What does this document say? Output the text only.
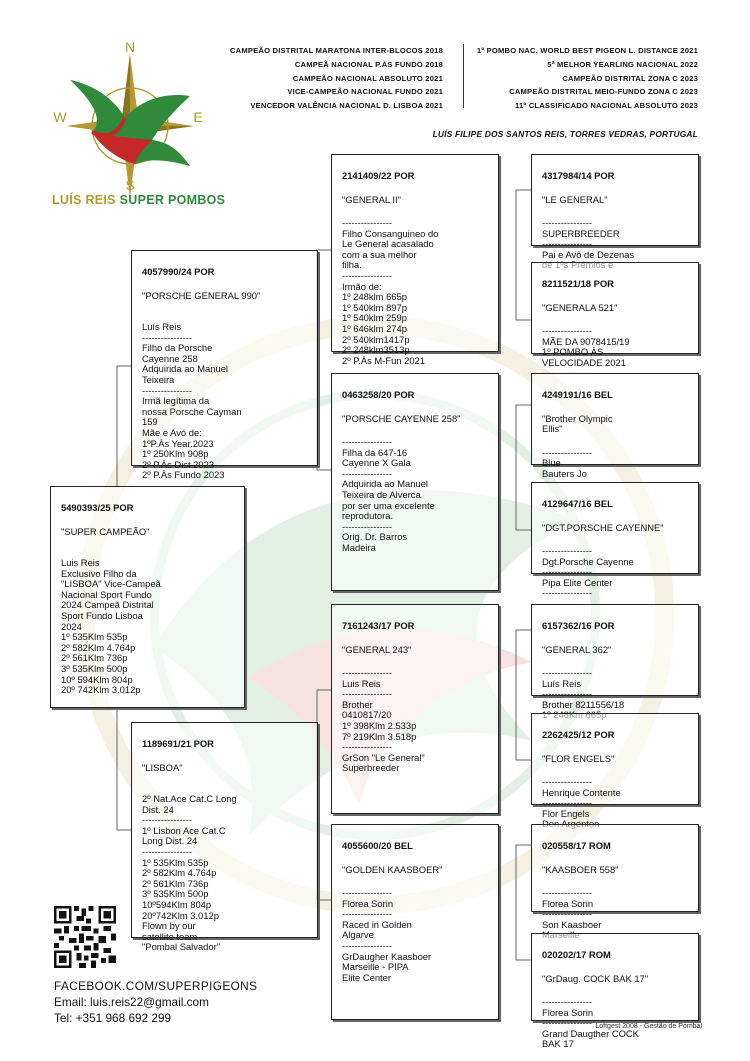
N
S
W	E
LUÍS REIS SUPER POMBOS
CAMPEÃO DISTRITAL MARATONA INTER-BLOCOS 2018
CAMPEÃ NACIONAL P.ÀS FUNDO 2018
CAMPEÃO NACIONAL ABSOLUTO 2021
VICE-CAMPEÃO NACIONAL FUNDO 2021
VENCEDOR VALÊNCIA NACIONAL D. LISBOA 2021
1º POMBO NAC. WORLD BEST PIGEON L. DISTANCE 2021
5ª MELHOR YEARLING NACIONAL 2022
CAMPEÃO DISTRITAL ZONA C 2023
CAMPEÃO DISTRITAL MEIO-FUNDO ZONA C 2023
11º CLASSIFICADO NACIONAL ABSOLUTO 2023
LUÍS FILIPE DOS SANTOS REIS, TORRES VEDRAS, PORTUGAL

5490393/25 POR

"SUPER CAMPEÃO"

Luis Reis
Exclusivo Filho da
"LISBOA" Vice-Campeã
Nacional Sport Fundo
2024 Campeã Distrital
Sport Fundo Lisboa
2024
1º 535Klm 535p
2º 582Klm 4.764p
2º 561Klm 736p
3º 535Klm 500p
10º 594Klm 804p
20º 742Klm 3.012p

4057990/24 POR

"PORSCHE GENERAL 990"

Luís Reis
----------------
Filho da Porsche
Cayenne 258
Adquirida ao Manuel
Teixeira
----------------
Irmã legítima da
nossa Porsche Cayman
159
Mãe e Avó de:
1ºP.Às Year.2023
1º 250Klm 908p
2º P.Às Dist.2023
2º P.Às Fundo 2023

1189691/21 POR

"LISBOA"

2º Nat.Ace Cat.C Long
Dist. 24
----------------
1º Lisbon Ace Cat.C
Long Dist. 24
----------------
1º 535Klm 535p
2º 582Klm 4.764p
2º 561Klm 736p
3º 535Klm 500p
10º594Klm 804p
20º742Klm 3.012p
Flown by our
satellite team
"Pombal Salvador"

2141409/22 POR

"GENERAL II"

----------------
Filho Consanguineo do
Le General acasalado
com a sua melhor
filha.
----------------
Irmão de:
1º 248klm 665p
1º 540klm 897p
1º 540klm 259p
1º 646klm 274p
2º 540klm1417p
2º 248klm3513p
2º P.Às M-Fun 2021

0463258/20 POR

"PORSCHE CAYENNE 258"

----------------
Filha da 647-16
Cayenne X Gala
----------------
Adquirida ao Manuel
Teixeira de Alverca
por ser uma excelente
reprodutora.
----------------
Orig. Dr. Barros
Madeira

7161243/17 POR

"GENERAL 243"

----------------
Luis Reis
----------------
Brother
0410817/20
1º 398Klm 2.533p
7º 219Klm 3.518p
----------------
GrSon "Le General"
Superbreeder

4055600/20 BEL

"GOLDEN KAASBOER"

----------------
Florea Sorin
----------------
Raced in Golden
Algarve
----------------
GrDaugher Kaasboer
Marseille - PIPA
Elite Center

4317984/14 POR

"LE GENERAL"

----------------
SUPERBREEDER
----------------
Pai e Avô de Dezenas

8211521/18 POR

"GENERALA 521"

----------------
MÃE DA 9078415/19
1º POMBO ÀS
VELOCIDADE 2021

4249191/16 BEL

"Brother Olympic
Ellis"

----------------
Blue
Bauters Jo

4129647/16 BEL

"DGT.PORSCHE CAYENNE"

----------------
Dgt.Porsche Cayenne
----------------
Pipa Elite Center
----------------

6157362/16 POR

"GENERAL 362"

----------------
Luís Reis
----------------
Brother 8211556/18

2262425/12 POR

"FLOR ENGELS"

----------------
Henrique Contente
----------------
Flor Engels

020558/17 ROM

"KAASBOER 558"

----------------
Florea Sorin
----------------
Son Kaasboer

020202/17 ROM

"GrDaug. COCK BAK 17"

----------------
Florea Sorin
----------------
Grand Daugther COCK
BAK 17

FACEBOOK.COM/SUPERPIGEONS
Email: luis.reis22@gmail.com
Tel: +351 968 692 299
Loftgest 2008 - Gestão de Pombal
